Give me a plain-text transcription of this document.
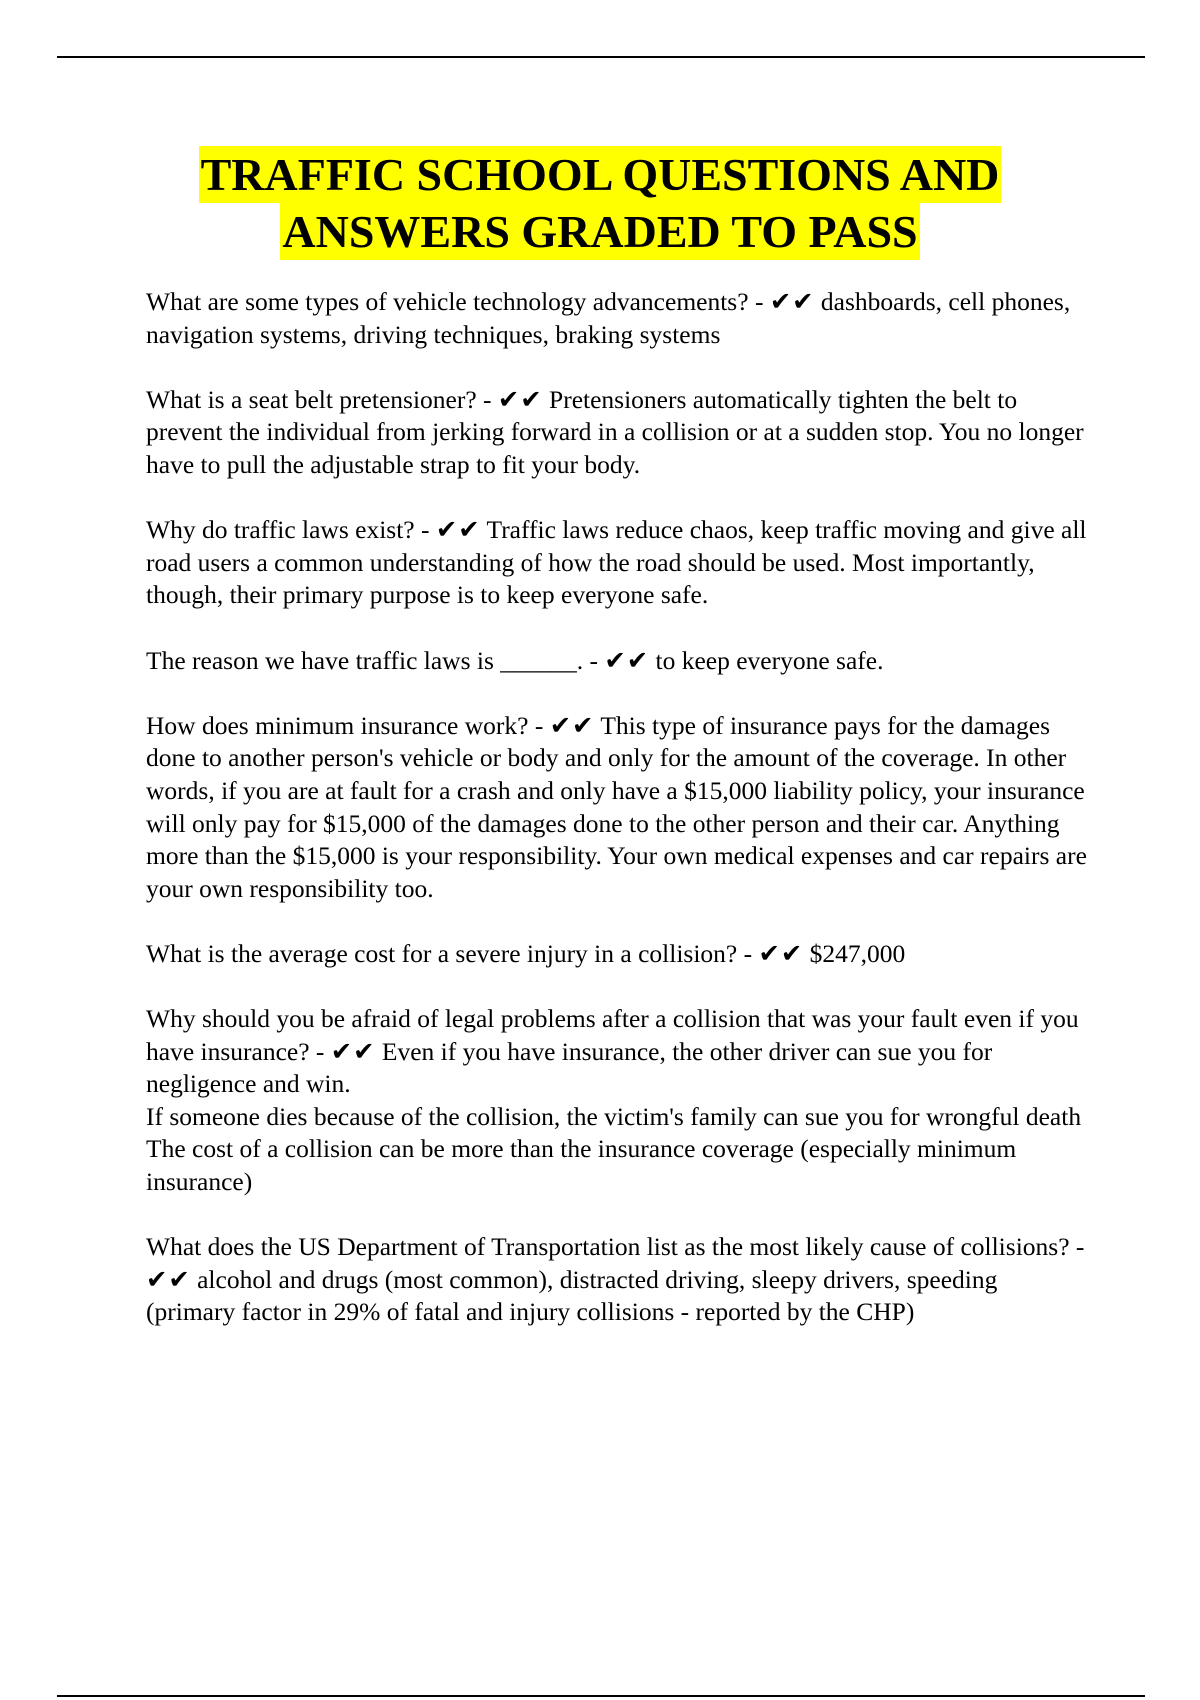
TRAFFIC SCHOOL QUESTIONS AND
ANSWERS GRADED TO PASS

What are some types of vehicle technology advancements? - ✔✔ dashboards, cell phones, navigation systems, driving techniques, braking systems

What is a seat belt pretensioner? - ✔✔ Pretensioners automatically tighten the belt to prevent the individual from jerking forward in a collision or at a sudden stop. You no longer have to pull the adjustable strap to fit your body.

Why do traffic laws exist? - ✔✔ Traffic laws reduce chaos, keep traffic moving and give all road users a common understanding of how the road should be used. Most importantly, though, their primary purpose is to keep everyone safe.

The reason we have traffic laws is ______. - ✔✔ to keep everyone safe.

How does minimum insurance work? - ✔✔ This type of insurance pays for the damages done to another person's vehicle or body and only for the amount of the coverage. In other words, if you are at fault for a crash and only have a $15,000 liability policy, your insurance will only pay for $15,000 of the damages done to the other person and their car. Anything more than the $15,000 is your responsibility. Your own medical expenses and car repairs are your own responsibility too.

What is the average cost for a severe injury in a collision? - ✔✔ $247,000

Why should you be afraid of legal problems after a collision that was your fault even if you have insurance? - ✔✔ Even if you have insurance, the other driver can sue you for negligence and win.

If someone dies because of the collision, the victim's family can sue you for wrongful death

The cost of a collision can be more than the insurance coverage (especially minimum insurance)

What does the US Department of Transportation list as the most likely cause of collisions? - ✔✔ alcohol and drugs (most common), distracted driving, sleepy drivers, speeding (primary factor in 29% of fatal and injury collisions - reported by the CHP)
